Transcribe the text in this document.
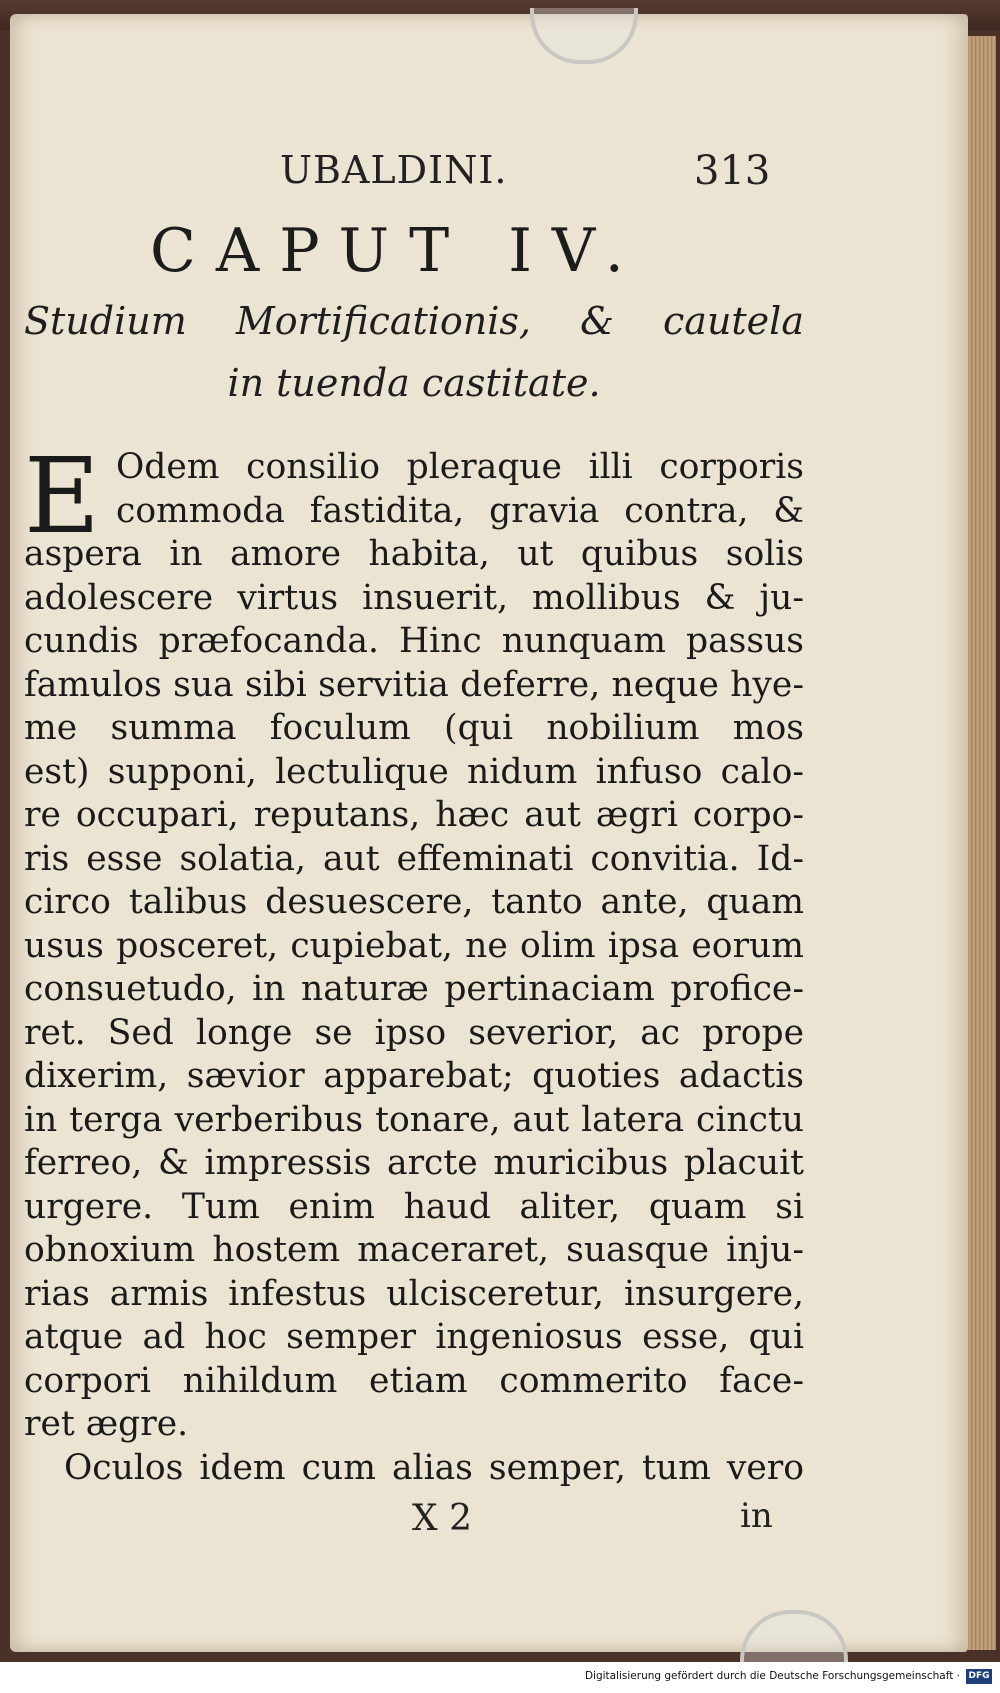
UBALDINI.	313
CAPUT IV.
Studium Mortificationis, & cautela
in tuenda castitate.
E Odem consilio pleraque illi corporis
commoda fastidita, gravia contra, &
aspera in amore habita, ut quibus solis
adolescere virtus insuerit, mollibus & ju-
cundis præfocanda. Hinc nunquam passus
famulos sua sibi servitia deferre, neque hye-
me summa foculum (qui nobilium mos
est) supponi, lectulique nidum infuso calo-
re occupari, reputans, hæc aut ægri corpo-
ris esse solatia, aut effeminati convitia. Id-
circo talibus desuescere, tanto ante, quam
usus posceret, cupiebat, ne olim ipsa eorum
consuetudo, in naturæ pertinaciam profice-
ret. Sed longe se ipso severior, ac prope
dixerim, sævior apparebat; quoties adactis
in terga verberibus tonare, aut latera cinctu
ferreo, & impressis arcte muricibus placuit
urgere. Tum enim haud aliter, quam si
obnoxium hostem maceraret, suasque inju-
rias armis infestus ulcisceretur, insurgere,
atque ad hoc semper ingeniosus esse, qui
corpori nihildum etiam commerito face-
ret ægre.
Oculos idem cum alias semper, tum vero
X 2	in
Digitalisierung gefördert durch die Deutsche Forschungsgemeinschaft · DFG
